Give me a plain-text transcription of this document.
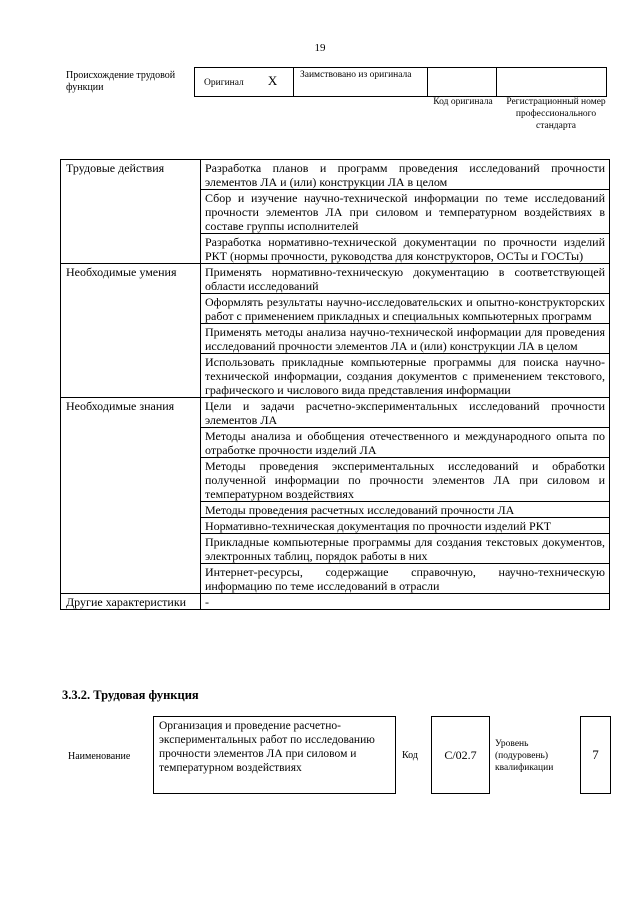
19
Происхождение трудовой функции	Оригинал X	Заимствовано из оригинала		
Код оригинала	Регистрационный номер профессионального стандарта
Трудовые действия	Разработка планов и программ проведения исследований прочности элементов ЛА и (или) конструкции ЛА в целом
	Сбор и изучение научно-технической информации по теме исследований прочности элементов ЛА при силовом и температурном воздействиях в составе группы исполнителей
	Разработка нормативно-технической документации по прочности изделий РКТ (нормы прочности, руководства для конструкторов, ОСТы и ГОСТы)
Необходимые умения	Применять нормативно-техническую документацию в соответствующей области исследований
	Оформлять результаты научно-исследовательских и опытно-конструкторских работ с применением прикладных и специальных компьютерных программ
	Применять методы анализа научно-технической информации для проведения исследований прочности элементов ЛА и (или) конструкции ЛА в целом
	Использовать прикладные компьютерные программы для поиска научно-технической информации, создания документов с применением текстового, графического и числового вида представления информации
Необходимые знания	Цели и задачи расчетно-экспериментальных исследований прочности элементов ЛА
	Методы анализа и обобщения отечественного и международного опыта по отработке прочности изделий ЛА
	Методы проведения экспериментальных исследований и обработки полученной информации по прочности элементов ЛА при силовом и температурном воздействиях
	Методы проведения расчетных исследований прочности ЛА
	Нормативно-техническая документация по прочности изделий РКТ
	Прикладные компьютерные программы для создания текстовых документов, электронных таблиц, порядок работы в них
	Интернет-ресурсы, содержащие справочную, научно-техническую информацию по теме исследований в отрасли
Другие характеристики	-
3.3.2. Трудовая функция
Наименование
Организация и проведение расчетно-экспериментальных работ по исследованию прочности элементов ЛА при силовом и температурном воздействиях
Код	C/02.7
Уровень (подуровень) квалификации
7
